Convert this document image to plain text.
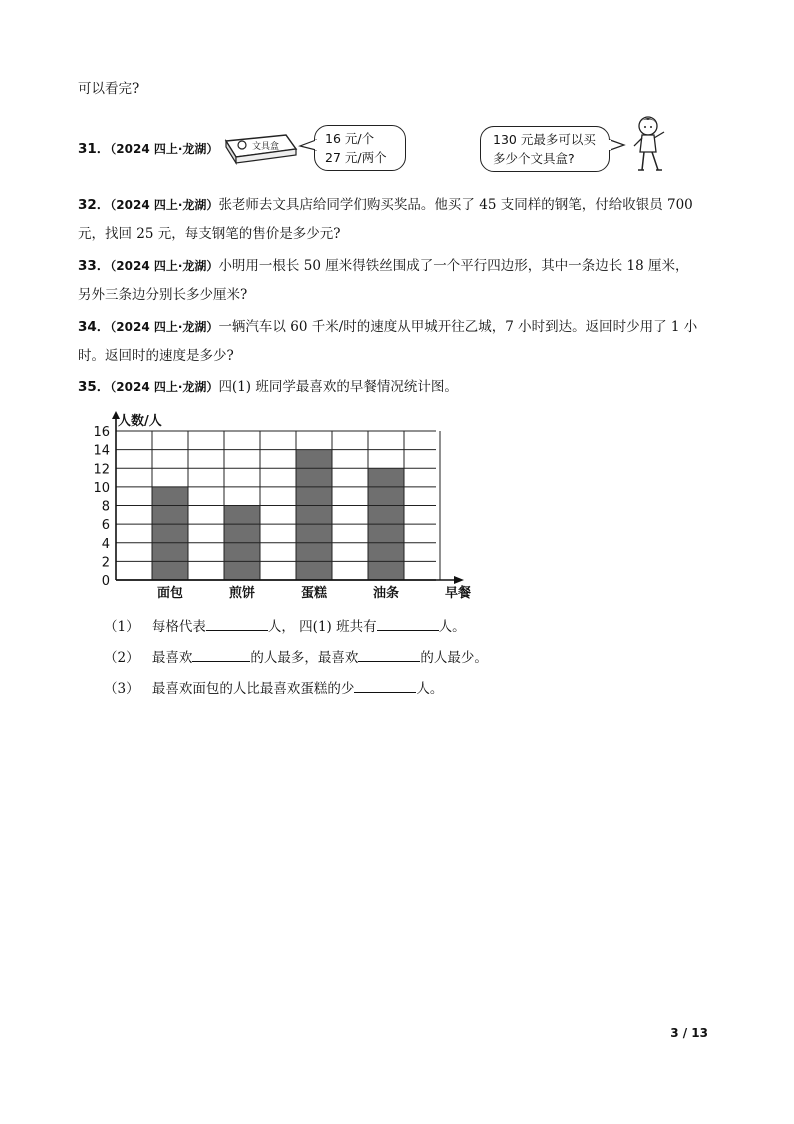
可以看完?
31．（2024 四上·龙湖）	文具盒
16 元/个
27 元/两个
130 元最多可以买
多少个文具盒?
32．（2024 四上·龙湖）张老师去文具店给同学们购买奖品。他买了 45 支同样的钢笔，付给收银员 700
元，找回 25 元，每支钢笔的售价是多少元?
33．（2024 四上·龙湖）小明用一根长 50 厘米得铁丝围成了一个平行四边形，其中一条边长 18 厘米，
另外三条边分别长多少厘米?
34．（2024 四上·龙湖）一辆汽车以 60 千米/时的速度从甲城开往乙城，7 小时到达。返回时少用了 1 小
时。返回时的速度是多少?
35．（2024 四上·龙湖）四(1) 班同学最喜欢的早餐情况统计图。
0
2
4
6
8
10
12
14
16
人数/人
面包	煎饼	蛋糕	油条	早餐
（1） 每格代表	人， 四(1) 班共有	人。
（2） 最喜欢	的人最多，最喜欢	的人最少。
（3） 最喜欢面包的人比最喜欢蛋糕的少	人。
3 / 13
